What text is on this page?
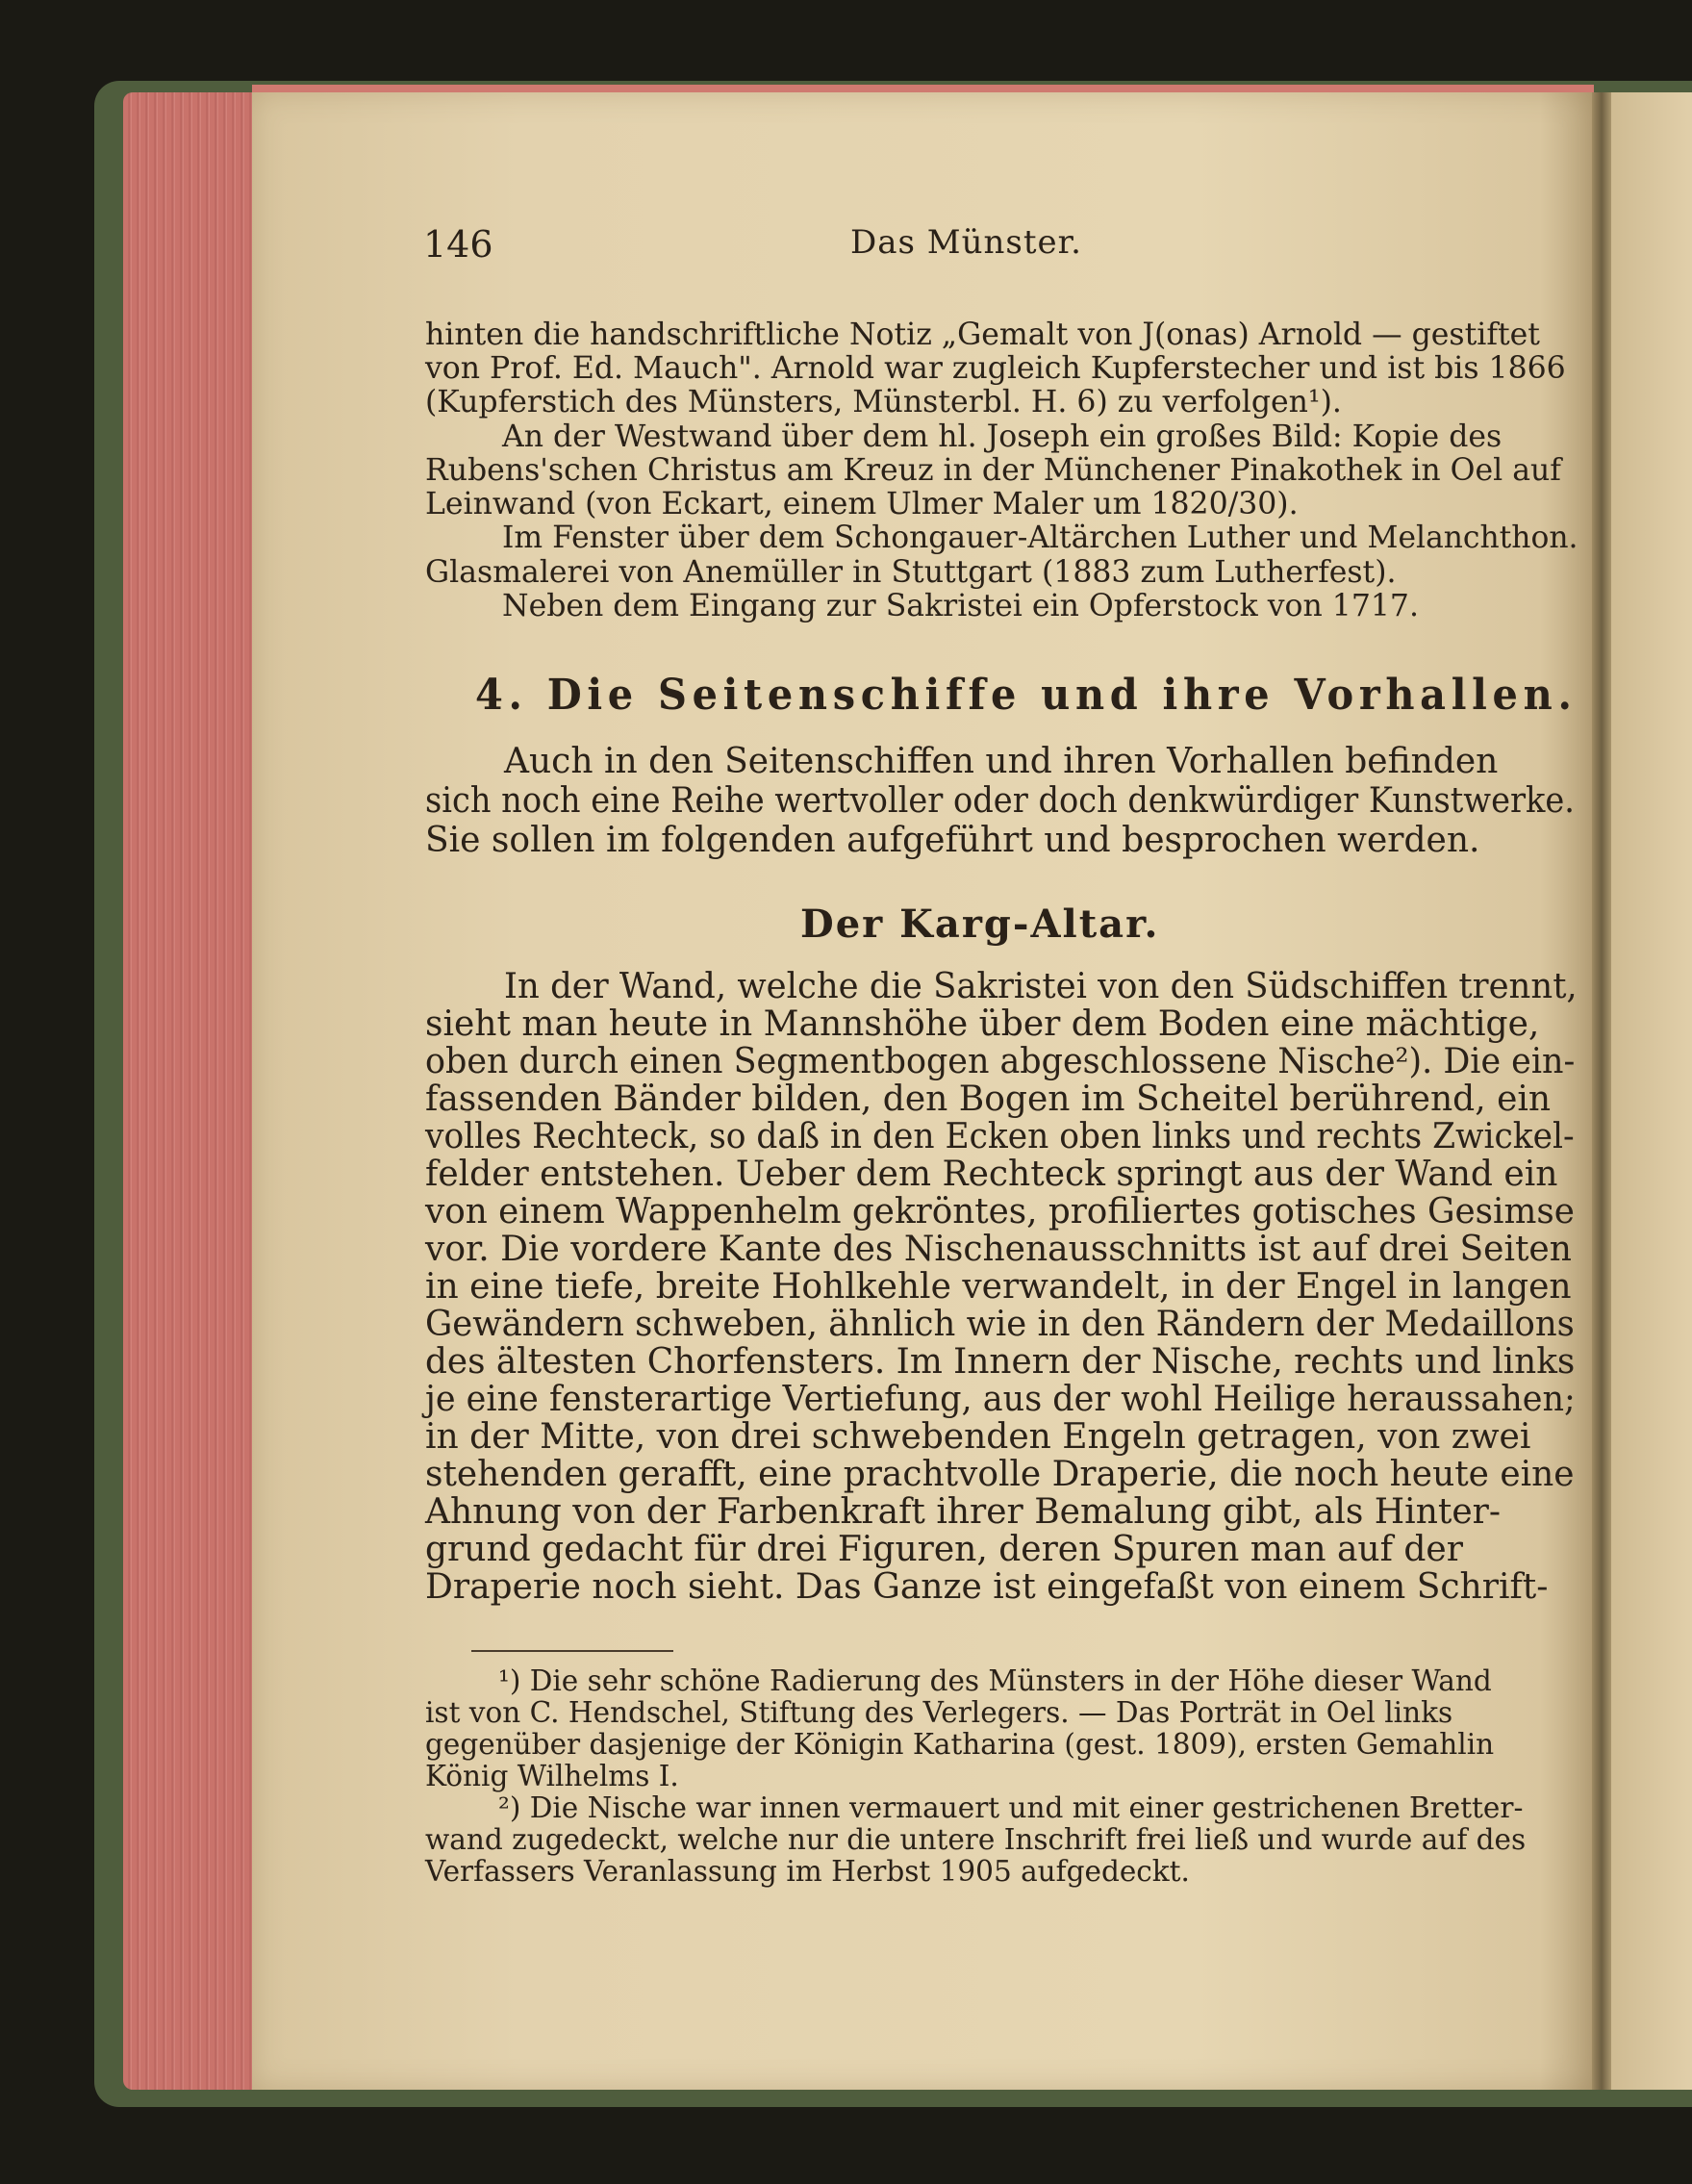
146	Das Münster.

hinten die handschriftliche Notiz „Gemalt von J(onas) Arnold — gestiftet

von Prof. Ed. Mauch". Arnold war zugleich Kupferstecher und ist bis 1866

(Kupferstich des Münsters, Münsterbl. H. 6) zu verfolgen¹).

An der Westwand über dem hl. Joseph ein großes Bild: Kopie des

Rubens'schen Christus am Kreuz in der Münchener Pinakothek in Oel auf

Leinwand (von Eckart, einem Ulmer Maler um 1820/30).

Im Fenster über dem Schongauer-Altärchen Luther und Melanchthon.

Glasmalerei von Anemüller in Stuttgart (1883 zum Lutherfest).

Neben dem Eingang zur Sakristei ein Opferstock von 1717.

4. Die Seitenschiffe und ihre Vorhallen.

Auch in den Seitenschiffen und ihren Vorhallen befinden

sich noch eine Reihe wertvoller oder doch denkwürdiger Kunstwerke.

Sie sollen im folgenden aufgeführt und besprochen werden.

Der Karg-Altar.

In der Wand, welche die Sakristei von den Südschiffen trennt,

sieht man heute in Mannshöhe über dem Boden eine mächtige,

oben durch einen Segmentbogen abgeschlossene Nische²). Die ein-

fassenden Bänder bilden, den Bogen im Scheitel berührend, ein

volles Rechteck, so daß in den Ecken oben links und rechts Zwickel-

felder entstehen. Ueber dem Rechteck springt aus der Wand ein

von einem Wappenhelm gekröntes, profiliertes gotisches Gesimse

vor. Die vordere Kante des Nischenausschnitts ist auf drei Seiten

in eine tiefe, breite Hohlkehle verwandelt, in der Engel in langen

Gewändern schweben, ähnlich wie in den Rändern der Medaillons

des ältesten Chorfensters. Im Innern der Nische, rechts und links

je eine fensterartige Vertiefung, aus der wohl Heilige heraussahen;

in der Mitte, von drei schwebenden Engeln getragen, von zwei

stehenden gerafft, eine prachtvolle Draperie, die noch heute eine

Ahnung von der Farbenkraft ihrer Bemalung gibt, als Hinter-

grund gedacht für drei Figuren, deren Spuren man auf der

Draperie noch sieht. Das Ganze ist eingefaßt von einem Schrift-

¹) Die sehr schöne Radierung des Münsters in der Höhe dieser Wand

ist von C. Hendschel, Stiftung des Verlegers. — Das Porträt in Oel links

gegenüber dasjenige der Königin Katharina (gest. 1809), ersten Gemahlin

König Wilhelms I.

²) Die Nische war innen vermauert und mit einer gestrichenen Bretter-

wand zugedeckt, welche nur die untere Inschrift frei ließ und wurde auf des

Verfassers Veranlassung im Herbst 1905 aufgedeckt.
